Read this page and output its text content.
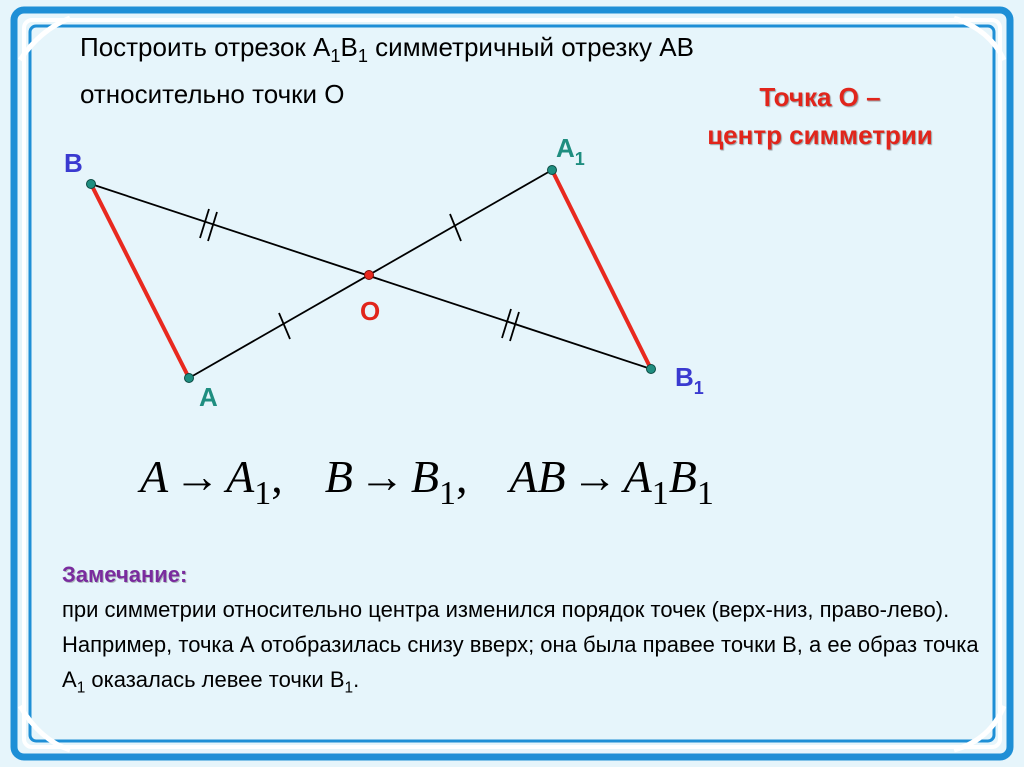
Построить отрезок $А_1В_1$ симметричный отрезку АВ
относительно точки О	Точка О –
центр симметрии
B	$A_1$
O
A
$B_1$
$A \to A_1$, $B \to B_1$, AB → $A_1B_1$
Замечание:
при симметрии относительно центра изменился порядок точек (верх-низ, право-лево).
Например, точка А отобразилась снизу вверх; она была правее точки В, а ее образ точка $А_1$ оказалась левее точки $В_1$.
